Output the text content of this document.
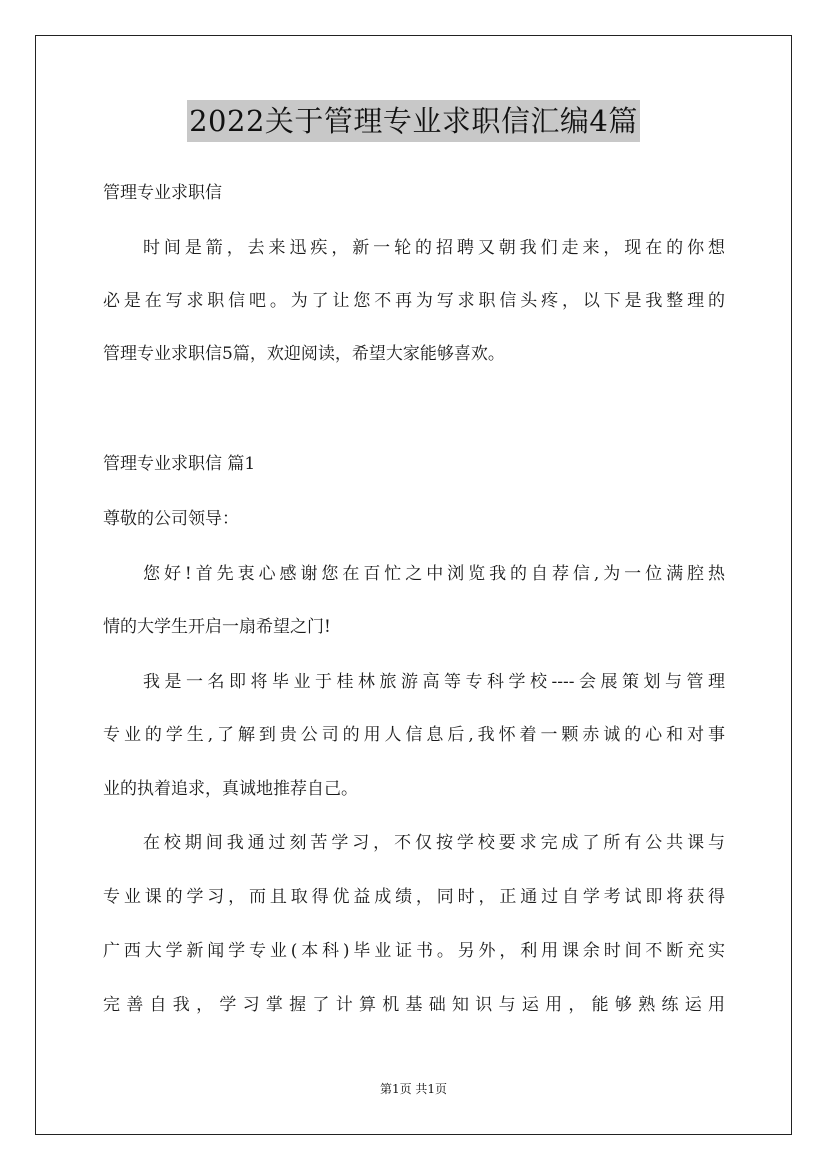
2022关于管理专业求职信汇编4篇
管理专业求职信
时间是箭，去来迅疾，新一轮的招聘又朝我们走来，现在的你想
必是在写求职信吧。为了让您不再为写求职信头疼，以下是我整理的
管理专业求职信5篇，欢迎阅读，希望大家能够喜欢。
管理专业求职信 篇1
尊敬的公司领导：
您好!首先衷心感谢您在百忙之中浏览我的自荐信,为一位满腔热
情的大学生开启一扇希望之门!
我是一名即将毕业于桂林旅游高等专科学校----会展策划与管理
专业的学生,了解到贵公司的用人信息后,我怀着一颗赤诚的心和对事
业的执着追求，真诚地推荐自己。
在校期间我通过刻苦学习，不仅按学校要求完成了所有公共课与
专业课的学习，而且取得优益成绩，同时，正通过自学考试即将获得
广西大学新闻学专业(本科)毕业证书。另外，利用课余时间不断充实
完善自我，学习掌握了计算机基础知识与运用，能够熟练运用
第1页 共1页
